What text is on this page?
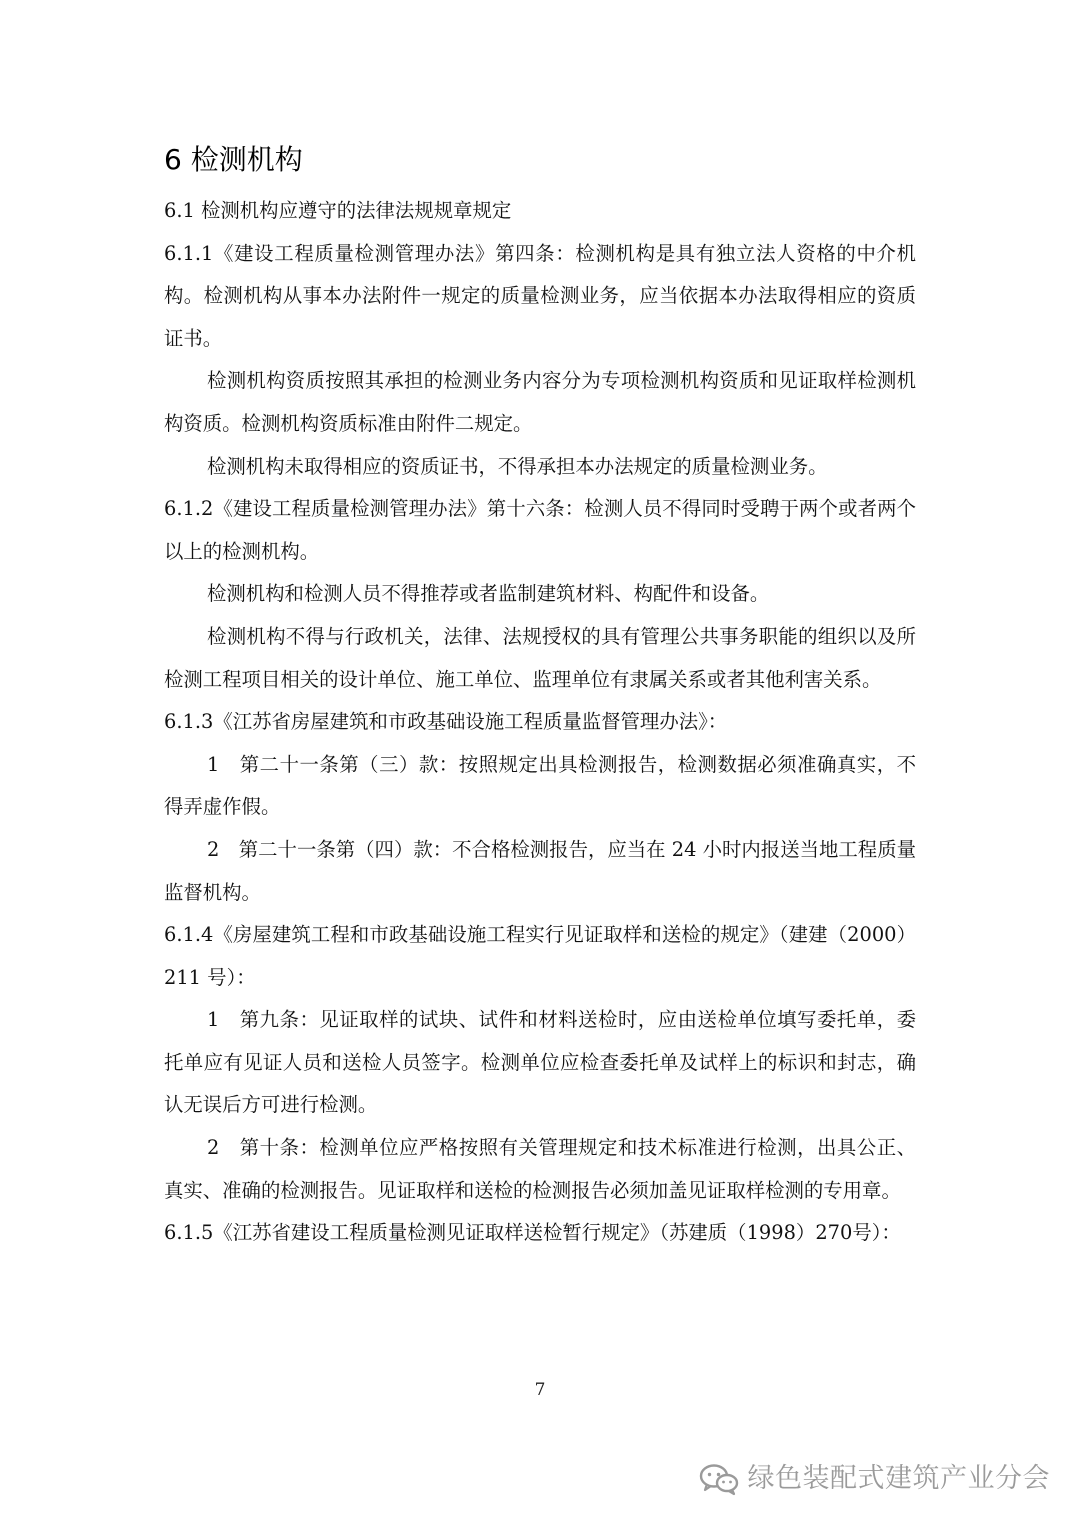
6 检测机构

6.1 检测机构应遵守的法律法规规章规定

6.1.1《建设工程质量检测管理办法》第四条：检测机构是具有独立法人资格的中介机构。检测机构从事本办法附件一规定的质量检测业务，应当依据本办法取得相应的资质证书。

检测机构资质按照其承担的检测业务内容分为专项检测机构资质和见证取样检测机构资质。检测机构资质标准由附件二规定。

检测机构未取得相应的资质证书，不得承担本办法规定的质量检测业务。

6.1.2《建设工程质量检测管理办法》第十六条：检测人员不得同时受聘于两个或者两个以上的检测机构。

检测机构和检测人员不得推荐或者监制建筑材料、构配件和设备。

检测机构不得与行政机关，法律、法规授权的具有管理公共事务职能的组织以及所检测工程项目相关的设计单位、施工单位、监理单位有隶属关系或者其他利害关系。

6.1.3《江苏省房屋建筑和市政基础设施工程质量监督管理办法》：

1　第二十一条第（三）款：按照规定出具检测报告，检测数据必须准确真实，不得弄虚作假。

2　第二十一条第（四）款：不合格检测报告，应当在 24 小时内报送当地工程质量监督机构。

6.1.4《房屋建筑工程和市政基础设施工程实行见证取样和送检的规定》（建建（2000）211 号）：

1　第九条：见证取样的试块、试件和材料送检时，应由送检单位填写委托单，委托单应有见证人员和送检人员签字。检测单位应检查委托单及试样上的标识和封志，确认无误后方可进行检测。

2　第十条：检测单位应严格按照有关管理规定和技术标准进行检测，出具公正、真实、准确的检测报告。见证取样和送检的检测报告必须加盖见证取样检测的专用章。

6.1.5《江苏省建设工程质量检测见证取样送检暂行规定》（苏建质（1998）270号）：

7
绿色装配式建筑产业分会
